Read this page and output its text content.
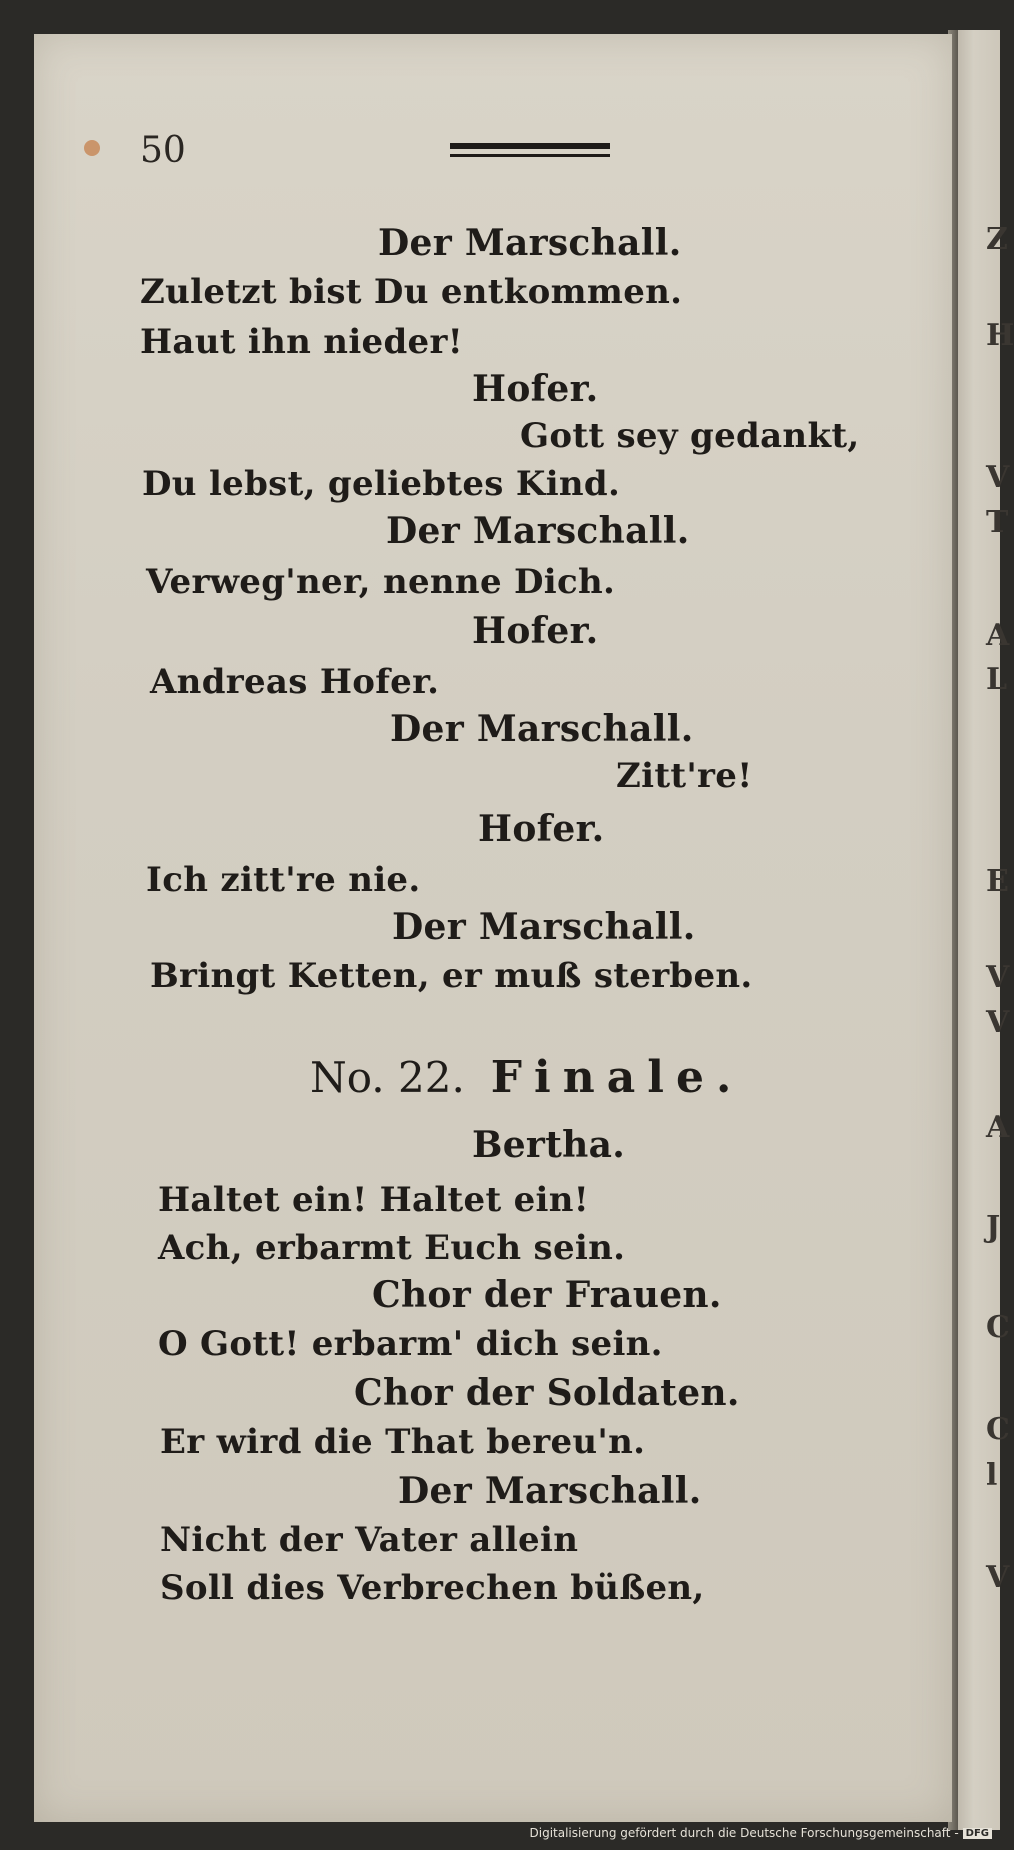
50
Der Marschall.
Zuletzt bist Du entkommen.
Haut ihn nieder!
Hofer.
Gott sey gedankt,
Du lebst, geliebtes Kind.
Der Marschall.
Verweg'ner, nenne Dich.
Hofer.
Andreas Hofer.
Der Marschall.
Zitt're!
Hofer.
Ich zitt're nie.
Der Marschall.
Bringt Ketten, er muß sterben.
No. 22. Finale.
Bertha.
Haltet ein! Haltet ein!
Ach, erbarmt Euch sein.
Chor der Frauen.
O Gott! erbarm' dich sein.
Chor der Soldaten.
Er wird die That bereu'n.
Der Marschall.
Nicht der Vater allein
Soll dies Verbrechen büßen,
Z
H
V
T
A
L
E
V
V
A
J
C
C
l
V
Digitalisierung gefördert durch die Deutsche Forschungsgemeinschaft - DFG
